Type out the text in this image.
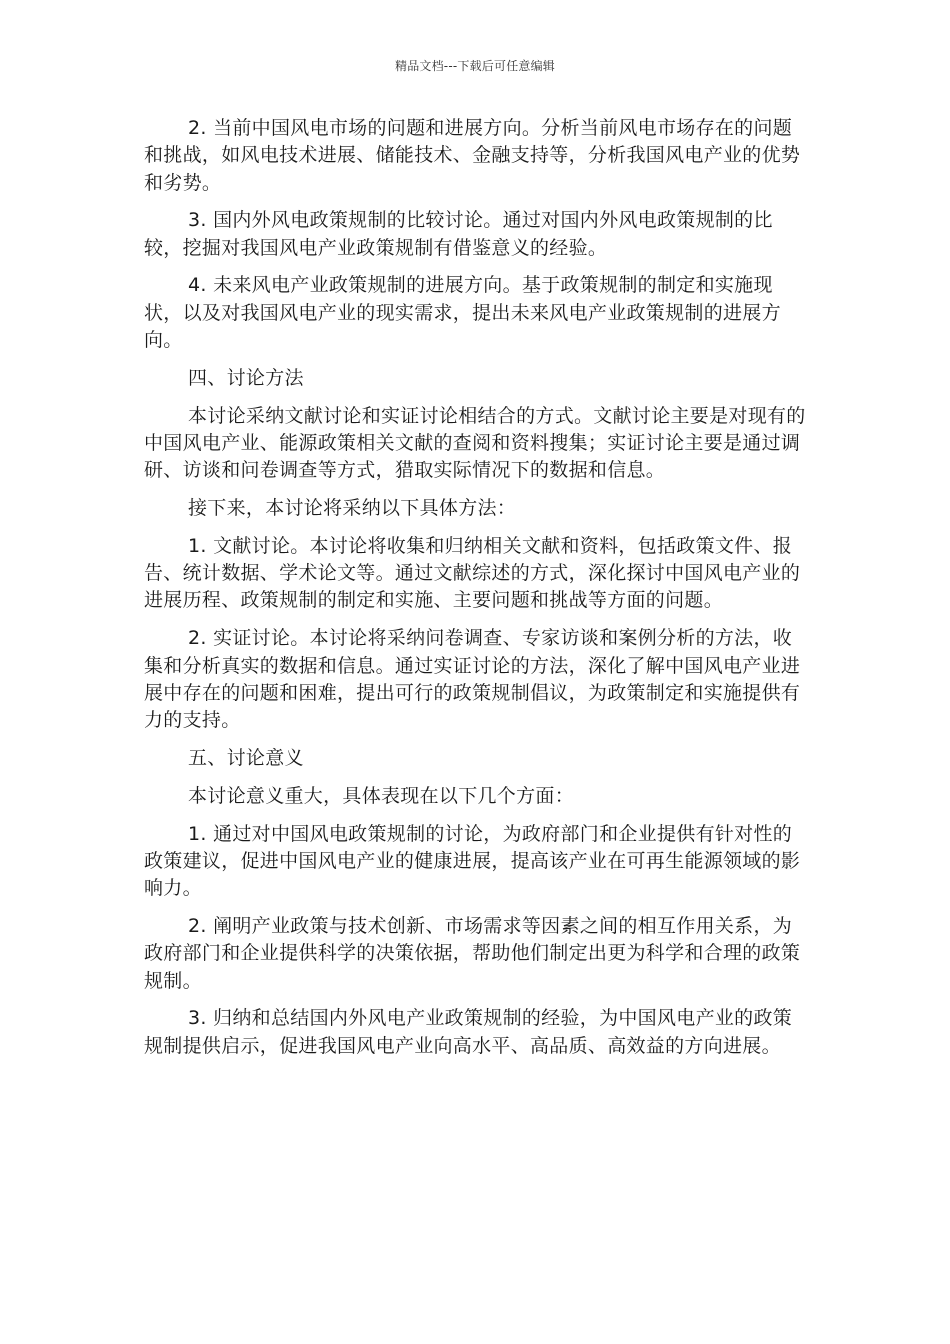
精品文档---下载后可任意编辑

2. 当前中国风电市场的问题和进展方向。分析当前风电市场存在的问题和挑战，如风电技术进展、储能技术、金融支持等，分析我国风电产业的优势和劣势。

3. 国内外风电政策规制的比较讨论。通过对国内外风电政策规制的比较，挖掘对我国风电产业政策规制有借鉴意义的经验。

4. 未来风电产业政策规制的进展方向。基于政策规制的制定和实施现状，以及对我国风电产业的现实需求，提出未来风电产业政策规制的进展方向。

四、讨论方法

本讨论采纳文献讨论和实证讨论相结合的方式。文献讨论主要是对现有的中国风电产业、能源政策相关文献的查阅和资料搜集；实证讨论主要是通过调研、访谈和问卷调查等方式，猎取实际情况下的数据和信息。

接下来，本讨论将采纳以下具体方法：

1. 文献讨论。本讨论将收集和归纳相关文献和资料，包括政策文件、报告、统计数据、学术论文等。通过文献综述的方式，深化探讨中国风电产业的进展历程、政策规制的制定和实施、主要问题和挑战等方面的问题。

2. 实证讨论。本讨论将采纳问卷调查、专家访谈和案例分析的方法，收集和分析真实的数据和信息。通过实证讨论的方法，深化了解中国风电产业进展中存在的问题和困难，提出可行的政策规制倡议，为政策制定和实施提供有力的支持。

五、讨论意义

本讨论意义重大，具体表现在以下几个方面：

1. 通过对中国风电政策规制的讨论，为政府部门和企业提供有针对性的政策建议，促进中国风电产业的健康进展，提高该产业在可再生能源领域的影响力。

2. 阐明产业政策与技术创新、市场需求等因素之间的相互作用关系，为政府部门和企业提供科学的决策依据，帮助他们制定出更为科学和合理的政策规制。

3. 归纳和总结国内外风电产业政策规制的经验，为中国风电产业的政策规制提供启示，促进我国风电产业向高水平、高品质、高效益的方向进展。
